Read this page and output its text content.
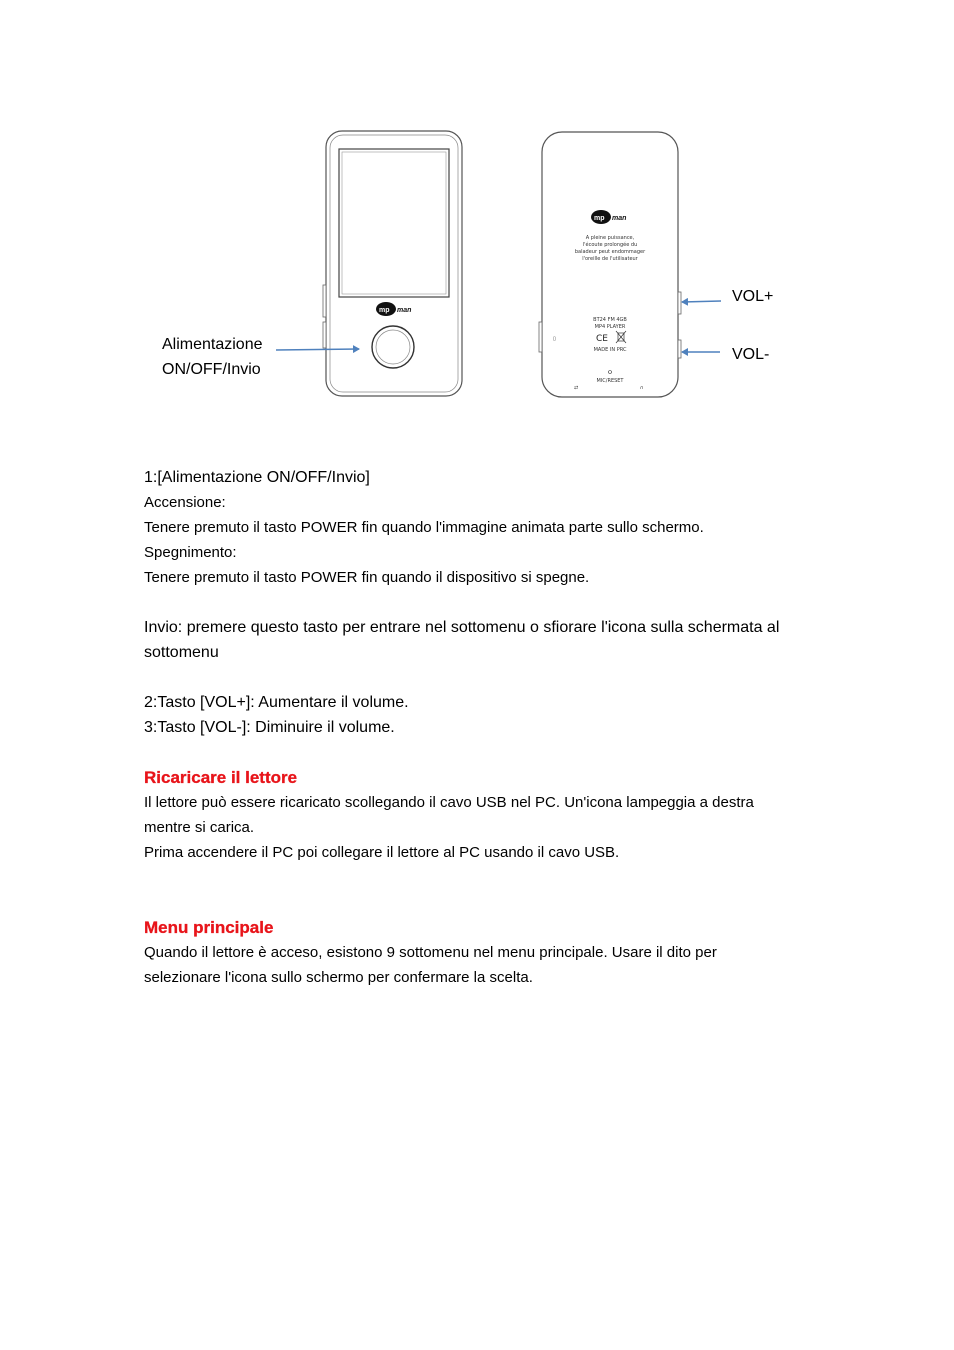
mp man
mp man
A pleine puissance,
l'écoute prolongée du
baladeur peut endommager
l'oreille de l'utilisateur
BT24 FM 4GB
MP4 PLAYER
CE
MADE IN PRC
MIC/RESET
▯
⇄	∩
Alimentazione
ON/OFF/Invio
VOL+
VOL-
1:[Alimentazione ON/OFF/Invio]
Accensione:
Tenere premuto il tasto POWER fin quando l'immagine animata parte sullo schermo.
Spegnimento:
Tenere premuto il tasto POWER fin quando il dispositivo si spegne.
Invio: premere questo tasto per entrare nel sottomenu o sfiorare l'icona sulla schermata al
sottomenu
2:Tasto [VOL+]: Aumentare il volume.
3:Tasto [VOL-]: Diminuire il volume.
Ricaricare il lettore
Il lettore può essere ricaricato scollegando il cavo USB nel PC. Un'icona lampeggia a destra
mentre si carica.
Prima accendere il PC poi collegare il lettore al PC usando il cavo USB.
Menu principale
Quando il lettore è acceso, esistono 9 sottomenu nel menu principale. Usare il dito per
selezionare l'icona sullo schermo per confermare la scelta.
